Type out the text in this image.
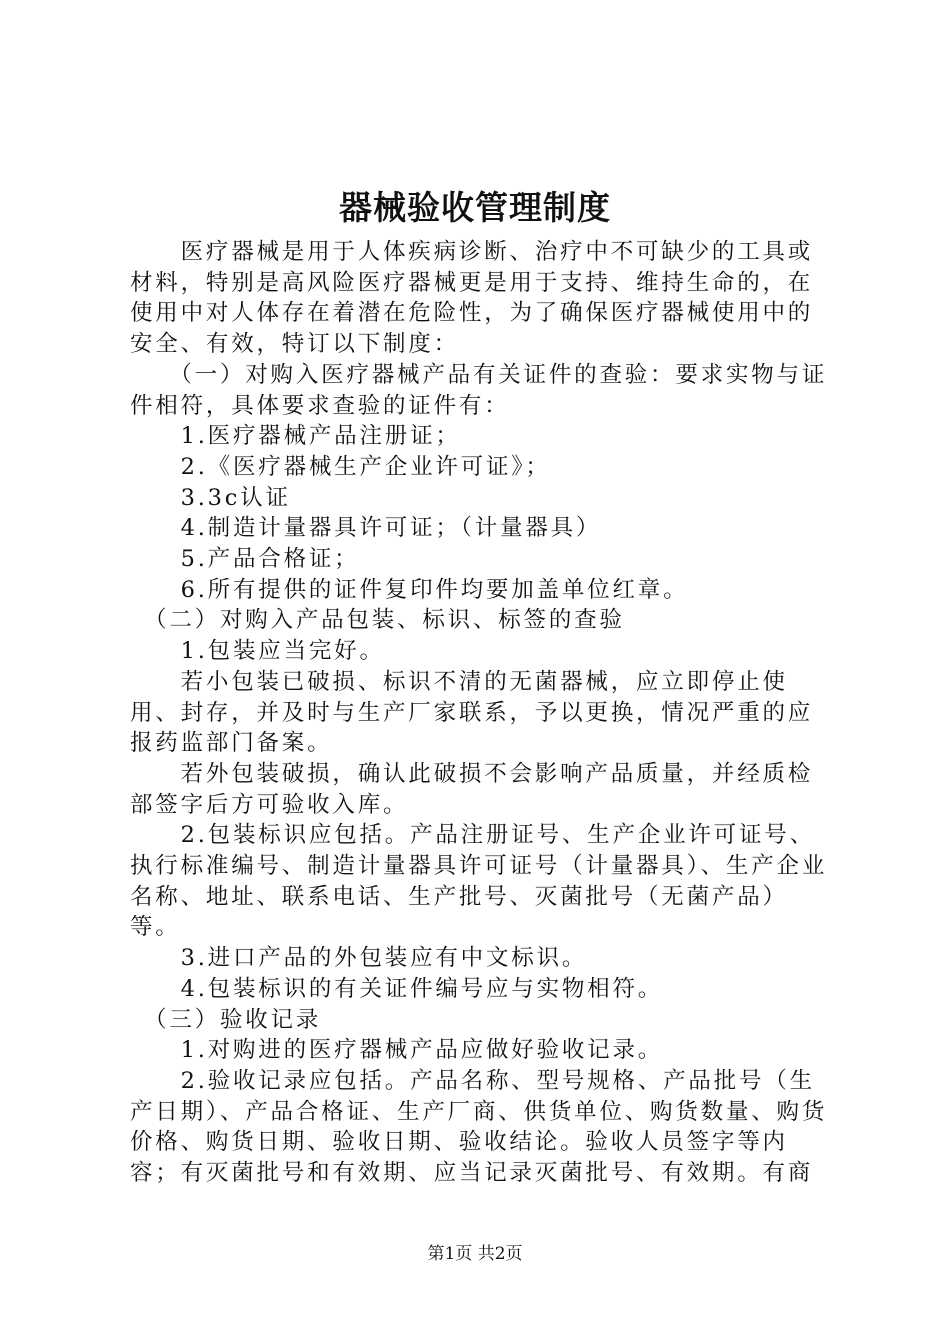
器械验收管理制度

　　医疗器械是用于人体疾病诊断、治疗中不可缺少的工具或材料，特别是高风险医疗器械更是用于支持、维持生命的，在使用中对人体存在着潜在危险性，为了确保医疗器械使用中的安全、有效，特订以下制度：

　　（一）对购入医疗器械产品有关证件的查验：要求实物与证件相符，具体要求查验的证件有：

　　1.医疗器械产品注册证；

　　2.《医疗器械生产企业许可证》；

　　3.3c认证

　　4.制造计量器具许可证；（计量器具）

　　5.产品合格证；

　　6.所有提供的证件复印件均要加盖单位红章。

　（二）对购入产品包装、标识、标签的查验

　　1.包装应当完好。

　　若小包装已破损、标识不清的无菌器械，应立即停止使用、封存，并及时与生产厂家联系，予以更换，情况严重的应报药监部门备案。

　　若外包装破损，确认此破损不会影响产品质量，并经质检部签字后方可验收入库。

　　2.包装标识应包括。产品注册证号、生产企业许可证号、执行标准编号、制造计量器具许可证号（计量器具）、生产企业名称、地址、联系电话、生产批号、灭菌批号（无菌产品）等。

　　3.进口产品的外包装应有中文标识。

　　4.包装标识的有关证件编号应与实物相符。

　（三）验收记录

　　1.对购进的医疗器械产品应做好验收记录。

　　2.验收记录应包括。产品名称、型号规格、产品批号（生产日期）、产品合格证、生产厂商、供货单位、购货数量、购货价格、购货日期、验收日期、验收结论。验收人员签字等内容；有灭菌批号和有效期、应当记录灭菌批号、有效期。有商

第1页 共2页
